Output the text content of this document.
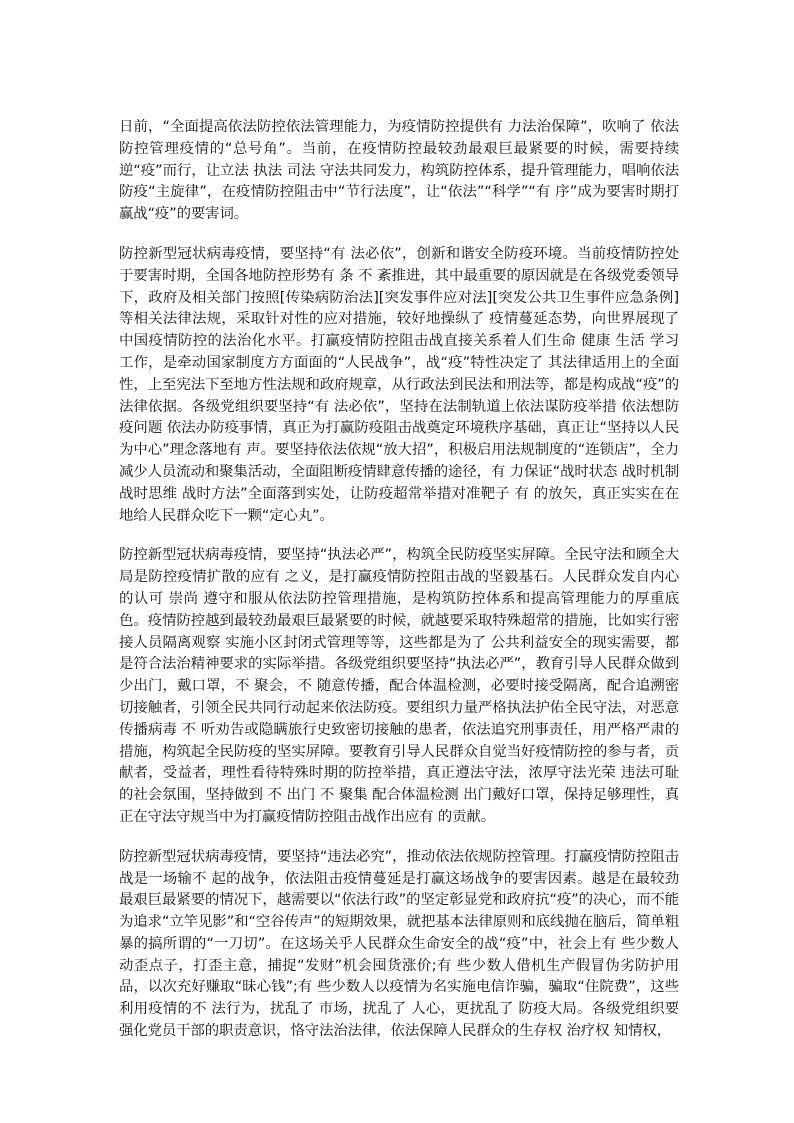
日前，“全面提高依法防控依法管理能力，为疫情防控提供有 力法治保障”，吹响了 依法防控管理疫情的“总号角”。当前，在疫情防控最较劲最艰巨最紧要的时候，需要持续逆“疫”而行，让立法 执法 司法 守法共同发力，构筑防控体系，提升管理能力，唱响依法防疫“主旋律”，在疫情防控阻击中“节行法度”，让“依法”“科学”“有 序”成为要害时期打赢战“疫”的要害词。

防控新型冠状病毒疫情，要坚持“有 法必依”，创新和谐安全防疫环境。当前疫情防控处于要害时期，全国各地防控形势有 条 不 紊推进，其中最重要的原因就是在各级党委领导下，政府及相关部门按照[传染病防治法][突发事件应对法][突发公共卫生事件应急条例]等相关法律法规，采取针对性的应对措施，较好地操纵了 疫情蔓延态势，向世界展现了 中国疫情防控的法治化水平。打赢疫情防控阻击战直接关系着人们生命 健康 生活 学习 工作，是牵动国家制度方方面面的“人民战争”，战“疫”特性决定了 其法律适用上的全面性，上至宪法下至地方性法规和政府规章，从行政法到民法和刑法等，都是构成战“疫”的法律依据。各级党组织要坚持“有 法必依”，坚持在法制轨道上依法谋防疫举措 依法想防疫问题 依法办防疫事情，真正为打赢防疫阻击战奠定环境秩序基础，真正让“坚持以人民为中心”理念落地有 声。要坚持依法依规“放大招”，积极启用法规制度的“连锁店”，全力减少人员流动和聚集活动，全面阻断疫情肆意传播的途径，有 力保证“战时状态 战时机制 战时思维 战时方法”全面落到实处，让防疫超常举措对准靶子 有 的放矢，真正实实在在地给人民群众吃下一颗“定心丸”。

防控新型冠状病毒疫情，要坚持“执法必严”，构筑全民防疫坚实屏障。全民守法和顾全大局是防控疫情扩散的应有 之义，是打赢疫情防控阻击战的坚毅基石。人民群众发自内心的认可 崇尚 遵守和服从依法防控管理措施，是构筑防控体系和提高管理能力的厚重底色。疫情防控越到最较劲最艰巨最紧要的时候，就越要采取特殊超常的措施，比如实行密接人员隔离观察 实施小区封闭式管理等等，这些都是为了 公共利益安全的现实需要，都是符合法治精神要求的实际举措。各级党组织要坚持“执法必严”，教育引导人民群众做到少出门，戴口罩，不 聚会，不 随意传播，配合体温检测，必要时接受隔离，配合追溯密切接触者，引领全民共同行动起来依法防疫。要组织力量严格执法护佑全民守法，对恶意传播病毒 不 听劝告或隐瞒旅行史致密切接触的患者，依法追究刑事责任，用严格严肃的措施，构筑起全民防疫的坚实屏障。要教育引导人民群众自觉当好疫情防控的参与者，贡献者，受益者，理性看待特殊时期的防控举措，真正遵法守法，浓厚守法光荣 违法可耻的社会氛围，坚持做到 不 出门 不 聚集 配合体温检测 出门戴好口罩，保持足够理性，真正在守法守规当中为打赢疫情防控阻击战作出应有 的贡献。

防控新型冠状病毒疫情，要坚持“违法必究”，推动依法依规防控管理。打赢疫情防控阻击战是一场输不 起的战争，依法阻击疫情蔓延是打赢这场战争的要害因素。越是在最较劲最艰巨最紧要的情况下，越需要以“依法行政”的坚定彰显党和政府抗“疫”的决心，而不能为追求“立竿见影”和“空谷传声”的短期效果，就把基本法律原则和底线抛在脑后，简单粗暴的搞所谓的“一刀切”。在这场关乎人民群众生命安全的战“疫”中，社会上有 些少数人动歪点子，打歪主意，捕捉“发财”机会囤货涨价;有 些少数人借机生产假冒伪劣防护用品，以次充好赚取“昧心钱”;有 些少数人以疫情为名实施电信诈骗，骗取“住院费”，这些利用疫情的不 法行为，扰乱了 市场，扰乱了 人心，更扰乱了 防疫大局。各级党组织要强化党员干部的职责意识，恪守法治法律，依法保障人民群众的生存权 治疗权 知情权，
